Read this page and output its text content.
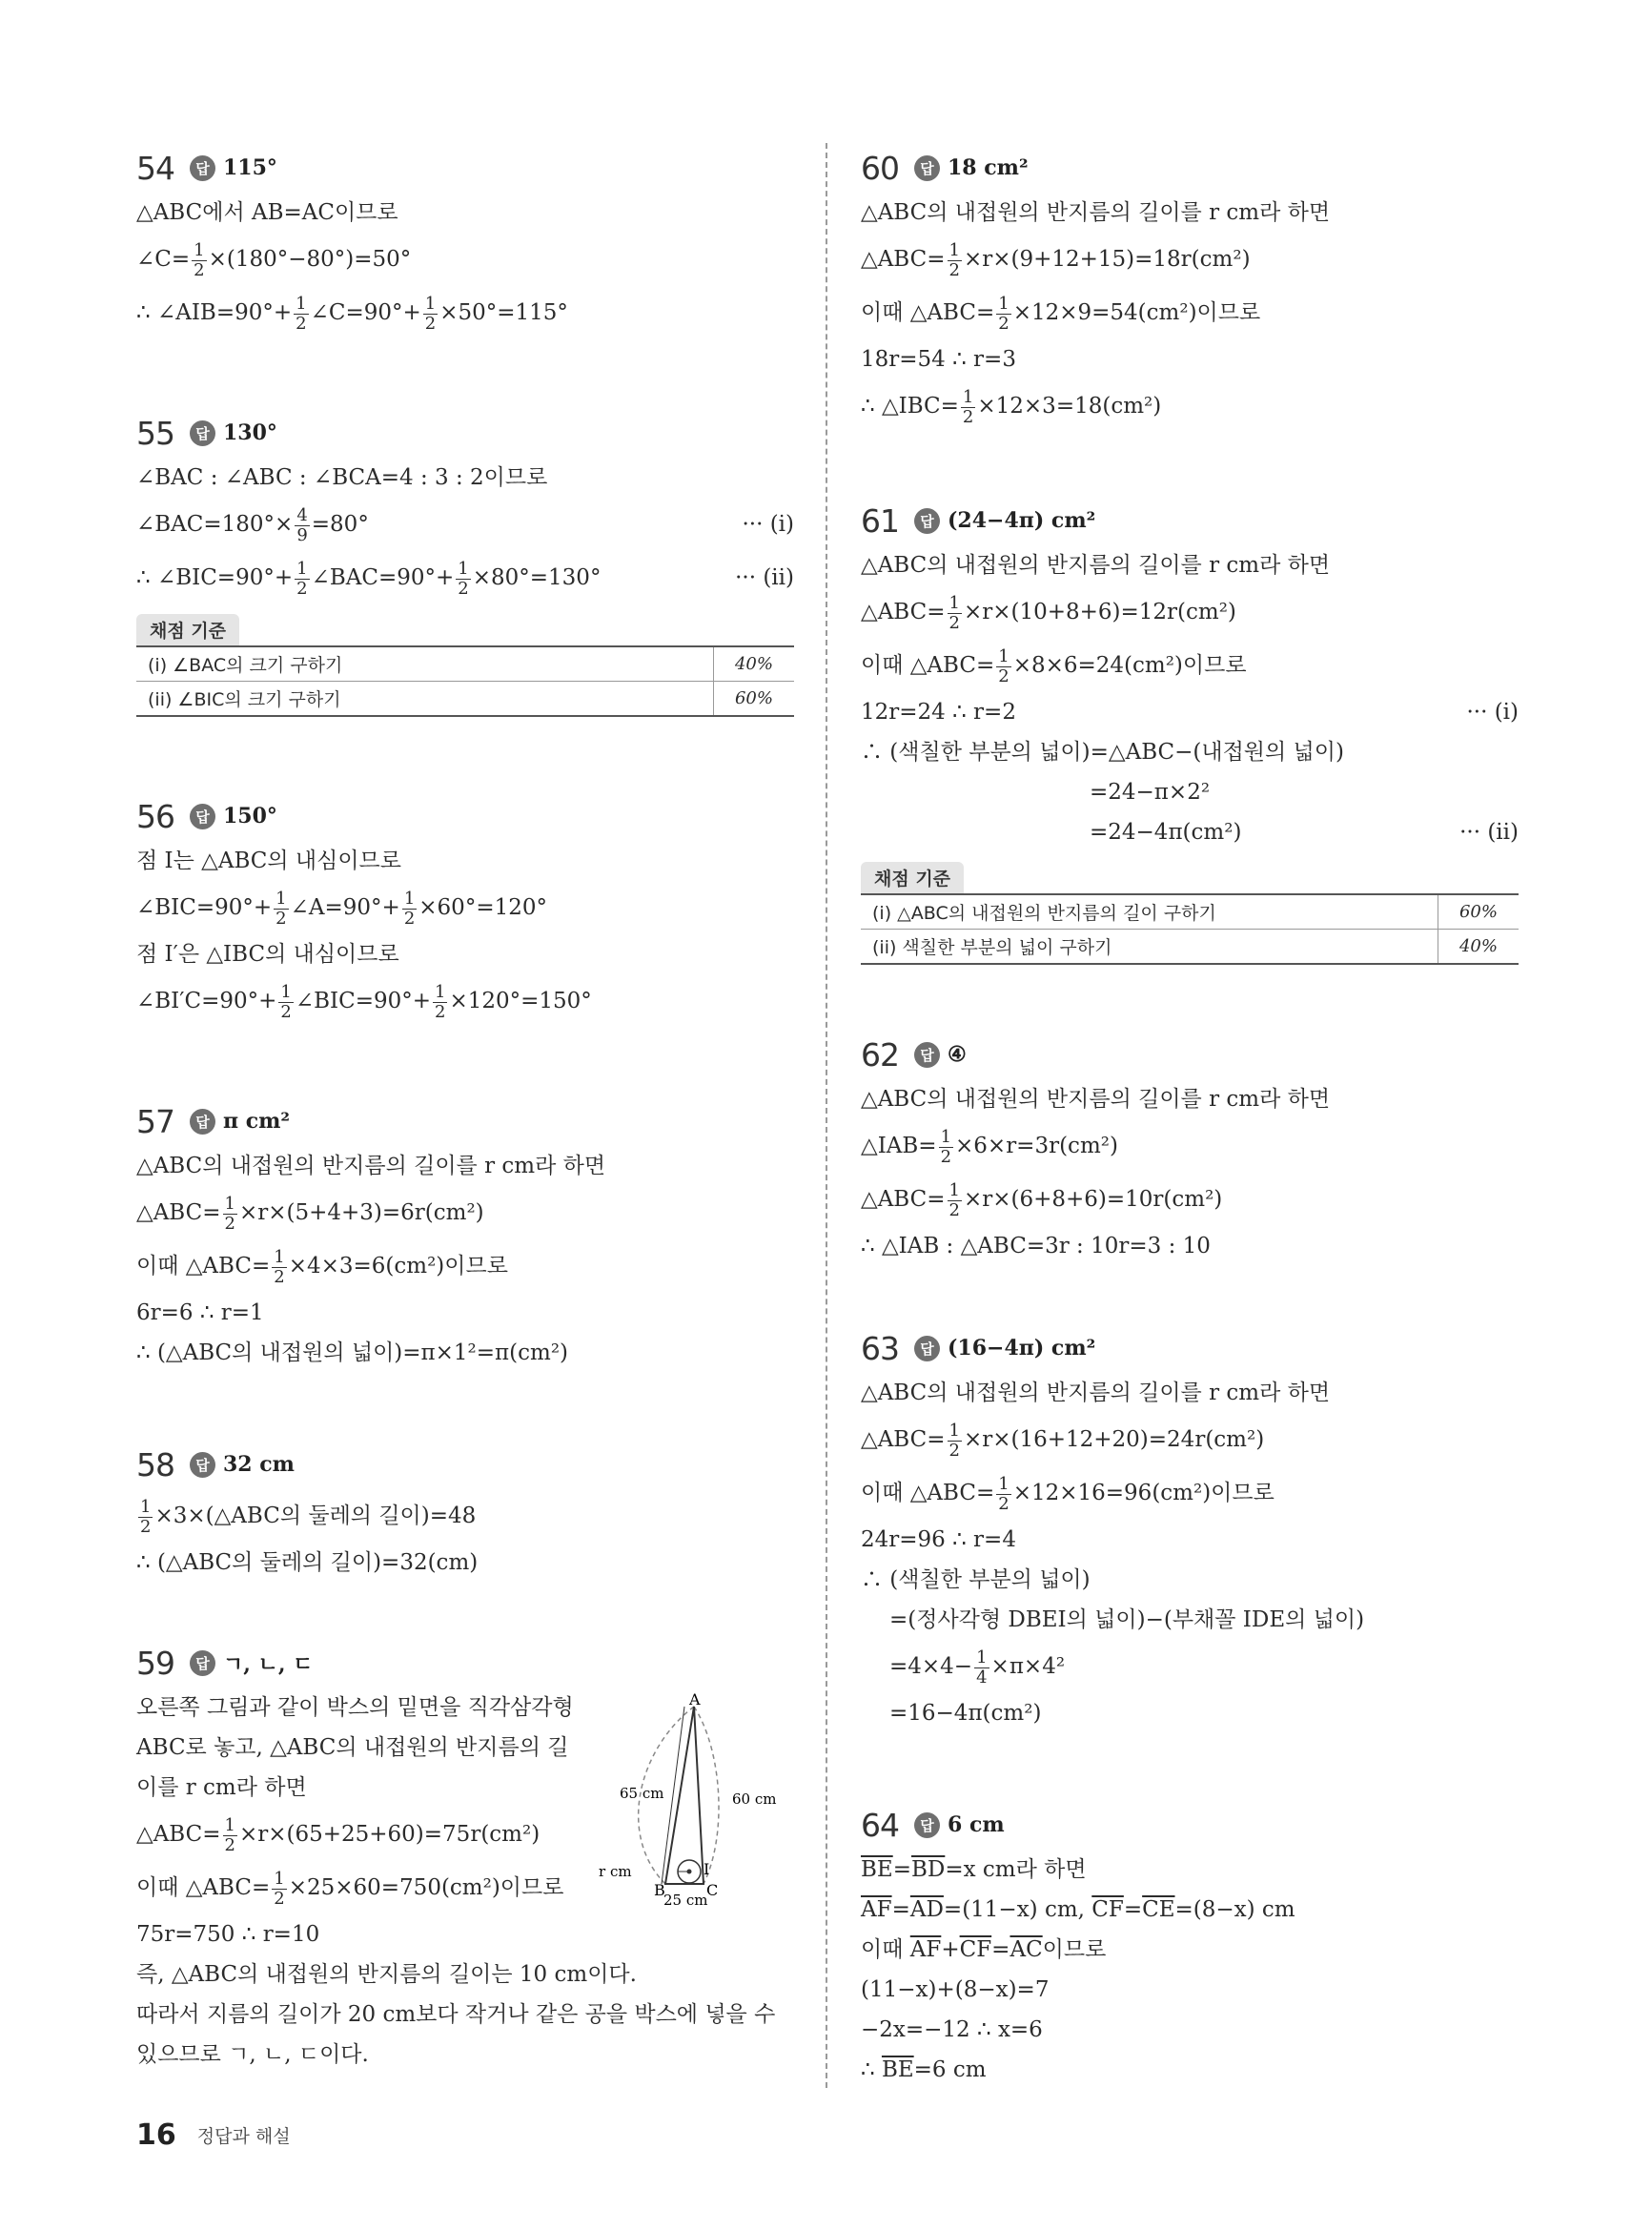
54	답 115°
△ABC에서 AB=AC이므로
∠C= $\frac{1}{2} \times(180^\circ-80^\circ)=50^\circ$
∴ ∠AIB=90°+ $\frac{1}{2}$ ∠C=90°+ $\frac{1}{2} \times 50^\circ=115^\circ$
55	답 130°
∠BAC : ∠ABC : ∠BCA=4 : 3 : 2이므로
∠BAC=180°× $\frac{4}{9} =80^\circ$	··· (i)
∴ ∠BIC=90°+ $\frac{1}{2}$ ∠BAC=90°+ $\frac{1}{2} \times 80^\circ=130^\circ$	··· (ii)
채점 기준
(i) ∠BAC의 크기 구하기	40%
(ii) ∠BIC의 크기 구하기	60%
56	답 150°
점 I는 △ABC의 내심이므로
∠BIC=90°+ $\frac{1}{2}$ ∠A=90°+ $\frac{1}{2} \times 60^\circ=120^\circ$
점 I′은 △IBC의 내심이므로
∠BI′C=90°+ $\frac{1}{2}$ ∠BIC=90°+ $\frac{1}{2} \times 120^\circ=150^\circ$
57	답 π cm²
△ABC의 내접원의 반지름의 길이를 r cm라 하면
△ABC= $\frac{1}{2} \times r\times(5+4+3)=6r(cm^2)$
이때 △ABC= $\frac{1}{2} \times 4\times 3=6(cm^2)$이므로
6r=6 ∴ r=1
∴ (△ABC의 내접원의 넓이)=π×1²=π(cm²)
58	답 32 cm
$\frac{1}{2}$ ×3×(△ABC의 둘레의 길이)=48
∴ (△ABC의 둘레의 길이)=32(cm)
59	답 ㄱ, ㄴ, ㄷ
오른쪽 그림과 같이 박스의 밑면을 직각삼각형
ABC로 놓고, △ABC의 내접원의 반지름의 길
이를 r cm라 하면
△ABC= $\frac{1}{2} \times r\times(65+25+60)=75r(cm^2)$
이때 △ABC= $\frac{1}{2} \times 25\times 60=750(cm^2)$이므로
75r=750 ∴ r=10
즉, △ABC의 내접원의 반지름의 길이는 10 cm이다.
따라서 지름의 길이가 20 cm보다 작거나 같은 공을 박스에 넣을 수
있으므로 ㄱ, ㄴ, ㄷ이다.
A
B	C
I
65 cm	60 cm
25 cm
r cm
60	답 18 cm²
△ABC의 내접원의 반지름의 길이를 r cm라 하면
△ABC= $\frac{1}{2} \times r\times(9+12+15)=18r(cm^2)$
이때 △ABC= $\frac{1}{2} \times 12\times 9=54(cm^2)$이므로
18r=54 ∴ r=3
∴ △IBC= $\frac{1}{2} \times 12\times 3=18(cm^2)$
61	답 (24−4π) cm²
△ABC의 내접원의 반지름의 길이를 r cm라 하면
△ABC= $\frac{1}{2} \times r\times(10+8+6)=12r(cm^2)$
이때 △ABC= $\frac{1}{2} \times 8\times 6=24(cm^2)$이므로
12r=24 ∴ r=2	··· (i)
∴ (색칠한 부분의 넓이)=△ABC−(내접원의 넓이)
=24−π×2²
=24−4π(cm²)	··· (ii)
채점 기준
(i) △ABC의 내접원의 반지름의 길이 구하기	60%
(ii) 색칠한 부분의 넓이 구하기	40%
62	답 ④
△ABC의 내접원의 반지름의 길이를 r cm라 하면
△IAB= $\frac{1}{2} \times 6\times r=3r(cm^2)$
△ABC= $\frac{1}{2} \times r\times(6+8+6)=10r(cm^2)$
∴ △IAB : △ABC=3r : 10r=3 : 10
63	답 (16−4π) cm²
△ABC의 내접원의 반지름의 길이를 r cm라 하면
△ABC= $\frac{1}{2} \times r\times(16+12+20)=24r(cm^2)$
이때 △ABC= $\frac{1}{2} \times 12\times 16=96(cm^2)$이므로
24r=96 ∴ r=4
∴ (색칠한 부분의 넓이)
=(정사각형 DBEI의 넓이)−(부채꼴 IDE의 넓이)
$=4\times 4- \frac{1}{4} \times\pi\times 4^2$
=16−4π(cm²)
64	답 6 cm
$\overline{BE}=\overline{BD}=x$ cm라 하면
$\overline{AF}=\overline{AD}=(11-x)$ cm, $\overline{CF}=\overline{CE}=(8-x)$ cm
이때 $\overline{AF}+\overline{CF}=\overline{AC}$이므로
(11−x)+(8−x)=7
−2x=−12 ∴ x=6
∴ $\overline{BE}=6$ cm
16 정답과 해설
